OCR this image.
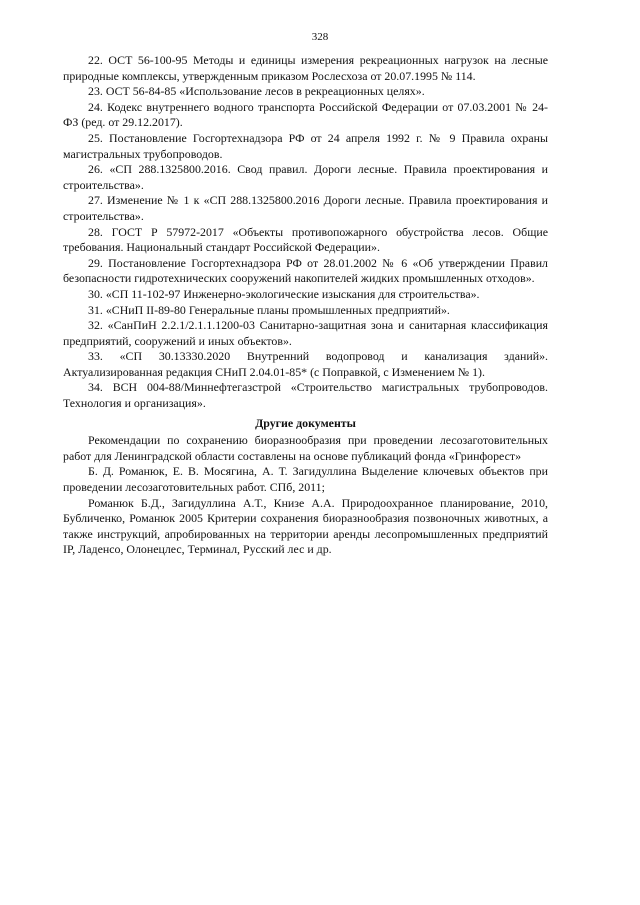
328

22. ОСТ 56-100-95 Методы и единицы измерения рекреационных нагрузок на лесные природные комплексы, утвержденным приказом Рослесхоза от 20.07.1995 № 114.

23. ОСТ 56-84-85 «Использование лесов в рекреационных целях».

24. Кодекс внутреннего водного транспорта Российской Федерации от 07.03.2001 № 24-ФЗ (ред. от 29.12.2017).

25. Постановление Госгортехнадзора РФ от 24 апреля 1992 г. № 9 Правила охраны магистральных трубопроводов.

26. «СП 288.1325800.2016. Свод правил. Дороги лесные. Правила проектирования и строительства».

27. Изменение № 1 к «СП 288.1325800.2016 Дороги лесные. Правила проектирования и строительства».

28. ГОСТ Р 57972-2017 «Объекты противопожарного обустройства лесов. Общие требования. Национальный стандарт Российской Федерации».

29. Постановление Госгортехнадзора РФ от 28.01.2002 № 6 «Об утверждении Правил безопасности гидротехнических сооружений накопителей жидких промышленных отходов».

30. «СП 11-102-97 Инженерно-экологические изыскания для строительства».

31. «СНиП II-89-80 Генеральные планы промышленных предприятий».

32. «СанПиН 2.2.1/2.1.1.1200-03 Санитарно-защитная зона и санитарная классификация предприятий, сооружений и иных объектов».

33. «СП 30.13330.2020 Внутренний водопровод и канализация зданий». Актуализированная редакция СНиП 2.04.01-85* (с Поправкой, с Изменением № 1).

34. ВСН 004-88/Миннефтегазстрой «Строительство магистральных трубопроводов. Технология и организация».

Другие документы

Рекомендации по сохранению биоразнообразия при проведении лесозаготовительных работ для Ленинградской области составлены на основе публикаций фонда «Гринфорест»

Б. Д. Романюк, Е. В. Мосягина, А. Т. Загидуллина Выделение ключевых объектов при проведении лесозаготовительных работ. СПб, 2011;

Романюк Б.Д., Загидуллина А.Т., Книзе А.А. Природоохранное планирование, 2010, Бубличенко, Романюк 2005 Критерии сохранения биоразнообразия позвоночных животных, а также инструкций, апробированных на территории аренды лесопромышленных предприятий IP, Ладенсо, Олонецлес, Терминал, Русский лес и др.
